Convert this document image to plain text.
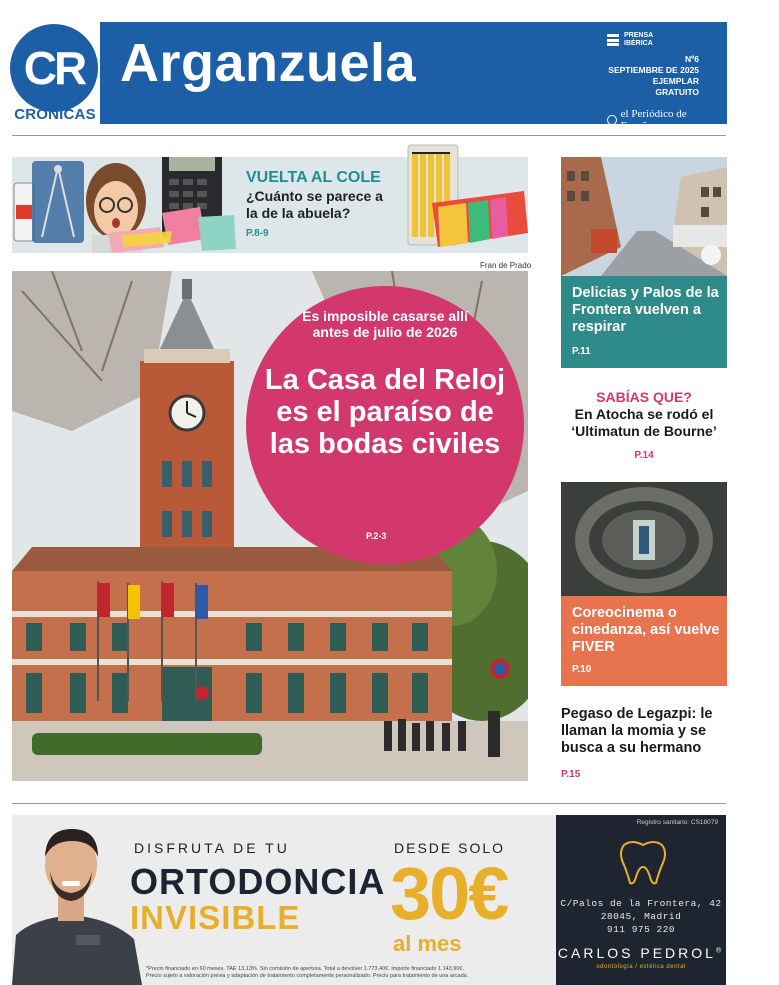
CR
CRÓNICAS
Arganzuela	PRENSA
IBÉRICA
Nº6
SEPTIEMBRE DE 2025
EJEMPLAR GRATUITO
el Periódico de España
VUELTA AL COLE
¿Cuánto se parece a la de la abuela?
P.8-9
Fran de Prado
Es imposible casarse allí antes de julio de 2026
La Casa del Reloj es el paraíso de las bodas civiles
P.2-3
Delicias y Palos de la Frontera vuelven a respirar
P.11
SABÍAS QUE?
En Atocha se rodó el ‘Ultimatun de Bourne’
P.14
Coreocinema o cinedanza, así vuelve FIVER
P.10
Pegaso de Legazpi: le llaman la momia y se busca a su hermano
P.15
DISFRUTA DE TU
ORTODONCIA
INVISIBLE
DESDE SOLO
30€
al mes
*Precio financiado en 60 meses. TAE 13,13%. Sin comisión de apertura. Total a devolver 1.773,40€. Importe financiado 1.143,90€.
Precio sujeto a valoración previa y adaptación de tratamiento completamente personalizado. Precio para tratamiento de una arcada.
Registro sanitario: CS18079
C/Palos de la Frontera, 42
28045, Madrid
911 975 220
CARLOS PEDROL®
odontología / estética dental
